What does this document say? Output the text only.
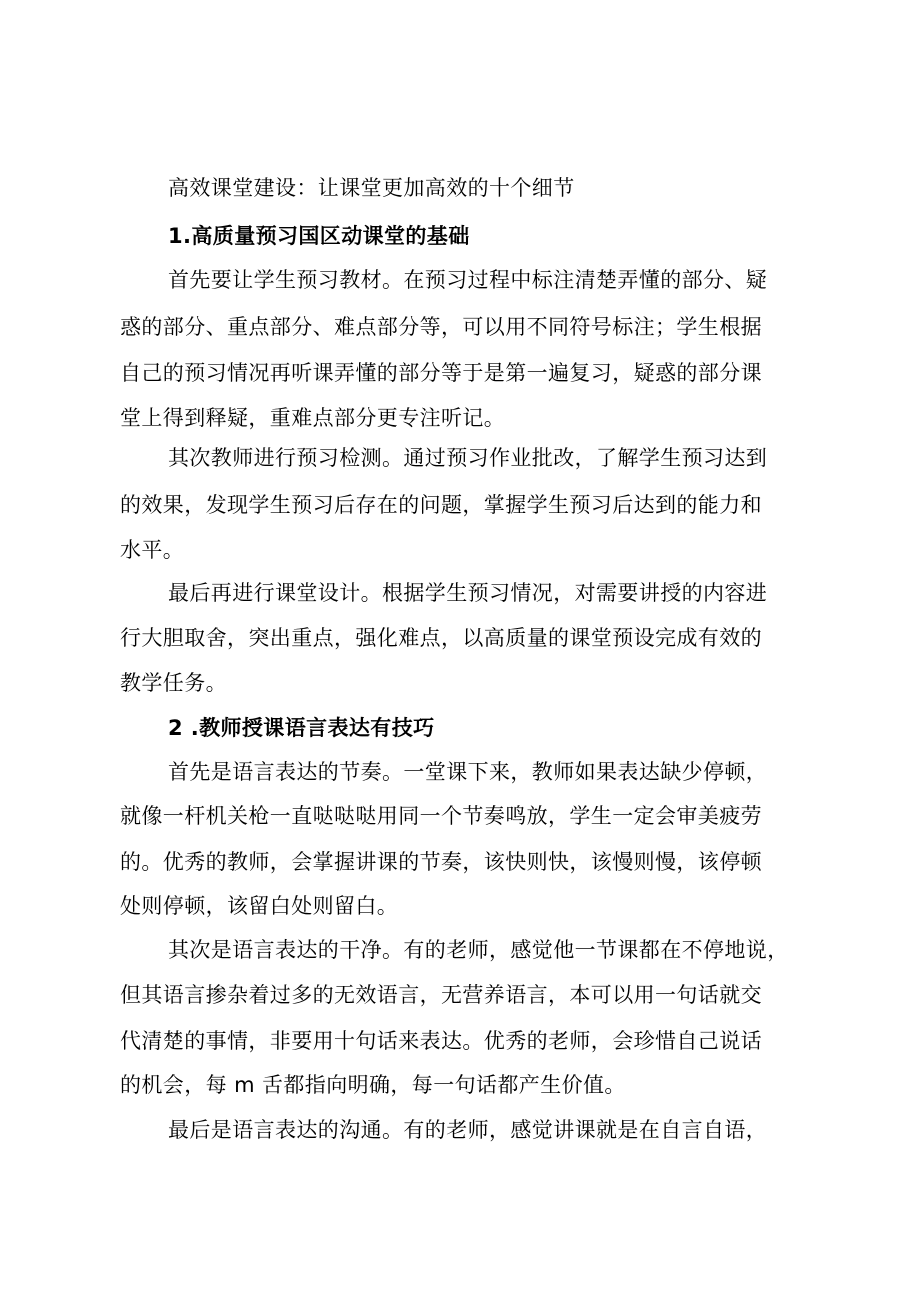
高效课堂建设：让课堂更加高效的十个细节
1.高质量预习国区动课堂的基础
首先要让学生预习教材。在预习过程中标注清楚弄懂的部分、疑
惑的部分、重点部分、难点部分等，可以用不同符号标注；学生根据
自己的预习情况再听课弄懂的部分等于是第一遍复习，疑惑的部分课
堂上得到释疑，重难点部分更专注听记。
其次教师进行预习检测。通过预习作业批改，了解学生预习达到
的效果，发现学生预习后存在的问题，掌握学生预习后达到的能力和
水平。
最后再进行课堂设计。根据学生预习情况，对需要讲授的内容进
行大胆取舍，突出重点，强化难点，以高质量的课堂预设完成有效的
教学任务。
2 .教师授课语言表达有技巧
首先是语言表达的节奏。一堂课下来，教师如果表达缺少停顿，
就像一杆机关枪一直哒哒哒用同一个节奏鸣放，学生一定会审美疲劳
的。优秀的教师，会掌握讲课的节奏，该快则快，该慢则慢，该停顿
处则停顿，该留白处则留白。
其次是语言表达的干净。有的老师，感觉他一节课都在不停地说，
但其语言掺杂着过多的无效语言，无营养语言，本可以用一句话就交
代清楚的事情，非要用十句话来表达。优秀的老师，会珍惜自己说话
的机会，每 m 舌都指向明确，每一句话都产生价值。
最后是语言表达的沟通。有的老师，感觉讲课就是在自言自语，
